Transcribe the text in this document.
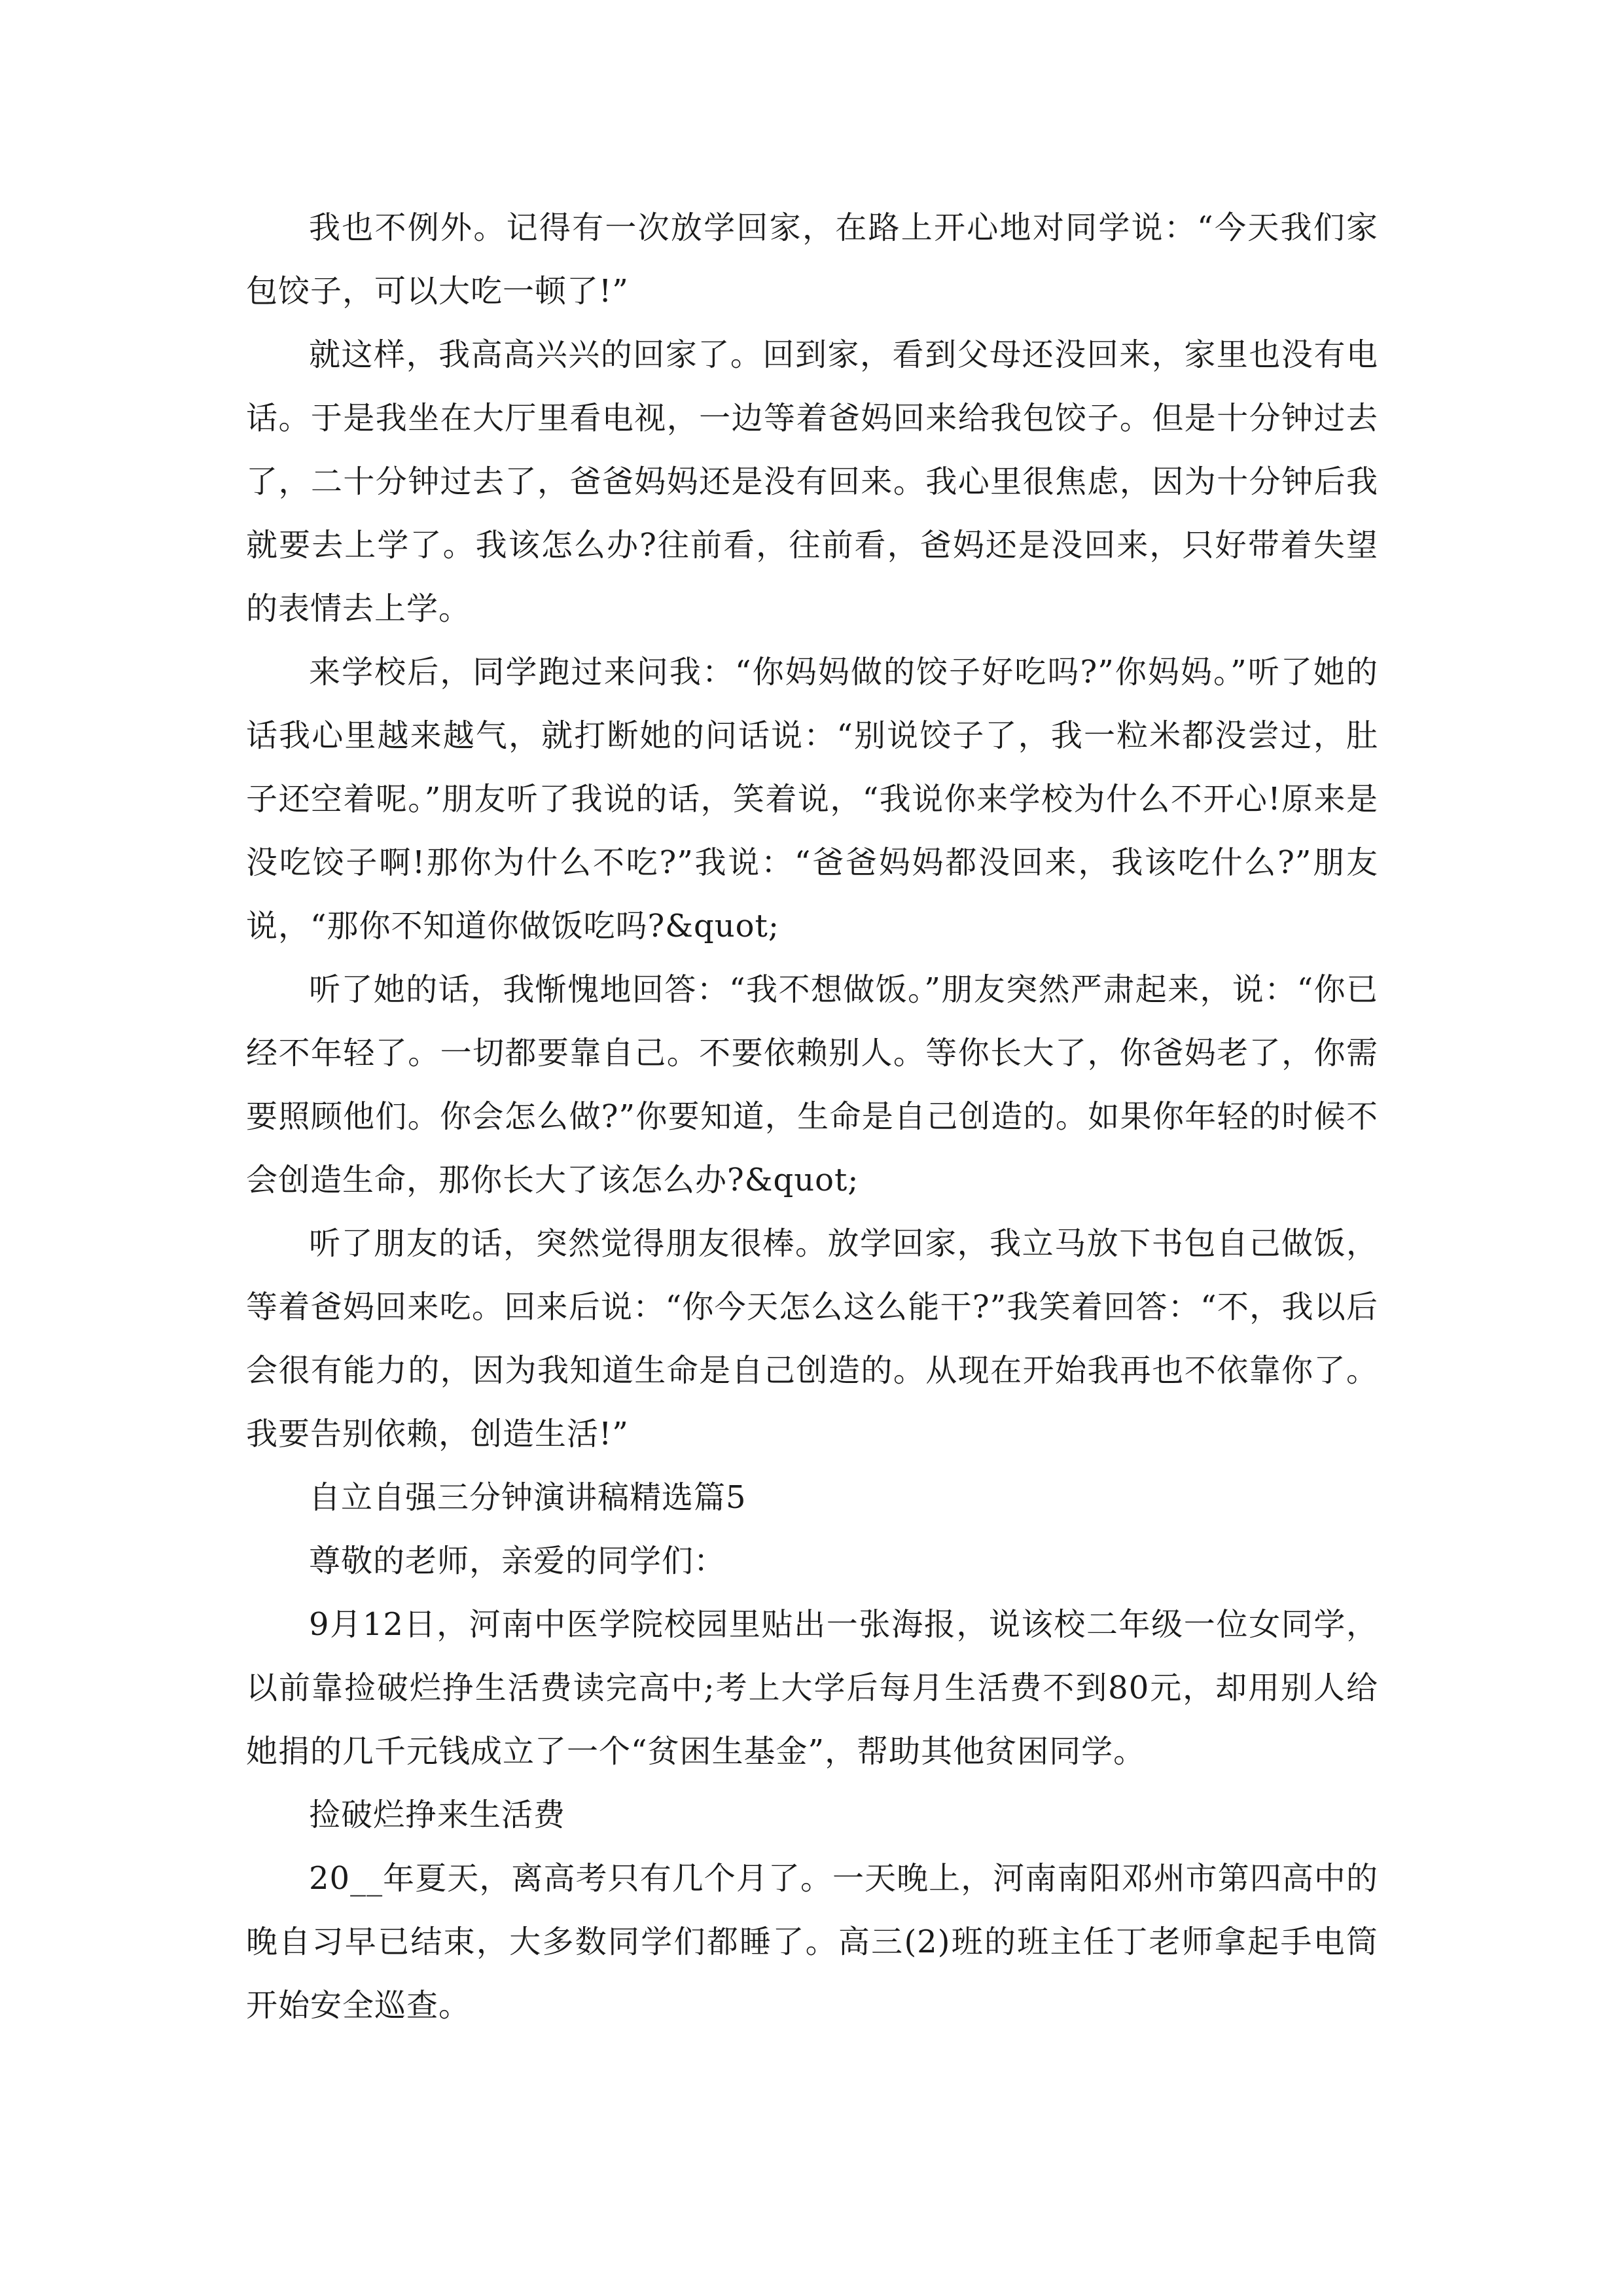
我也不例外。记得有一次放学回家，在路上开心地对同学说：“今天我们家包饺子，可以大吃一顿了!”

就这样，我高高兴兴的回家了。回到家，看到父母还没回来，家里也没有电话。于是我坐在大厅里看电视，一边等着爸妈回来给我包饺子。但是十分钟过去了，二十分钟过去了，爸爸妈妈还是没有回来。我心里很焦虑，因为十分钟后我就要去上学了。我该怎么办?往前看，往前看，爸妈还是没回来，只好带着失望的表情去上学。

来学校后，同学跑过来问我：“你妈妈做的饺子好吃吗?”你妈妈。”听了她的话我心里越来越气，就打断她的问话说：“别说饺子了，我一粒米都没尝过，肚子还空着呢。”朋友听了我说的话，笑着说，“我说你来学校为什么不开心!原来是没吃饺子啊!那你为什么不吃?”我说：“爸爸妈妈都没回来，我该吃什么?”朋友说，“那你不知道你做饭吃吗?&quot;

听了她的话，我惭愧地回答：“我不想做饭。”朋友突然严肃起来，说：“你已经不年轻了。一切都要靠自己。不要依赖别人。等你长大了，你爸妈老了，你需要照顾他们。你会怎么做?”你要知道，生命是自己创造的。如果你年轻的时候不会创造生命，那你长大了该怎么办?&quot;

听了朋友的话，突然觉得朋友很棒。放学回家，我立马放下书包自己做饭，等着爸妈回来吃。回来后说：“你今天怎么这么能干?”我笑着回答：“不，我以后会很有能力的，因为我知道生命是自己创造的。从现在开始我再也不依靠你了。我要告别依赖，创造生活!”

自立自强三分钟演讲稿精选篇5

尊敬的老师，亲爱的同学们：

9月12日，河南中医学院校园里贴出一张海报，说该校二年级一位女同学，以前靠捡破烂挣生活费读完高中;考上大学后每月生活费不到80元，却用别人给她捐的几千元钱成立了一个“贫困生基金”，帮助其他贫困同学。

捡破烂挣来生活费

20__年夏天，离高考只有几个月了。一天晚上，河南南阳邓州市第四高中的晚自习早已结束，大多数同学们都睡了。高三(2)班的班主任丁老师拿起手电筒开始安全巡查。
